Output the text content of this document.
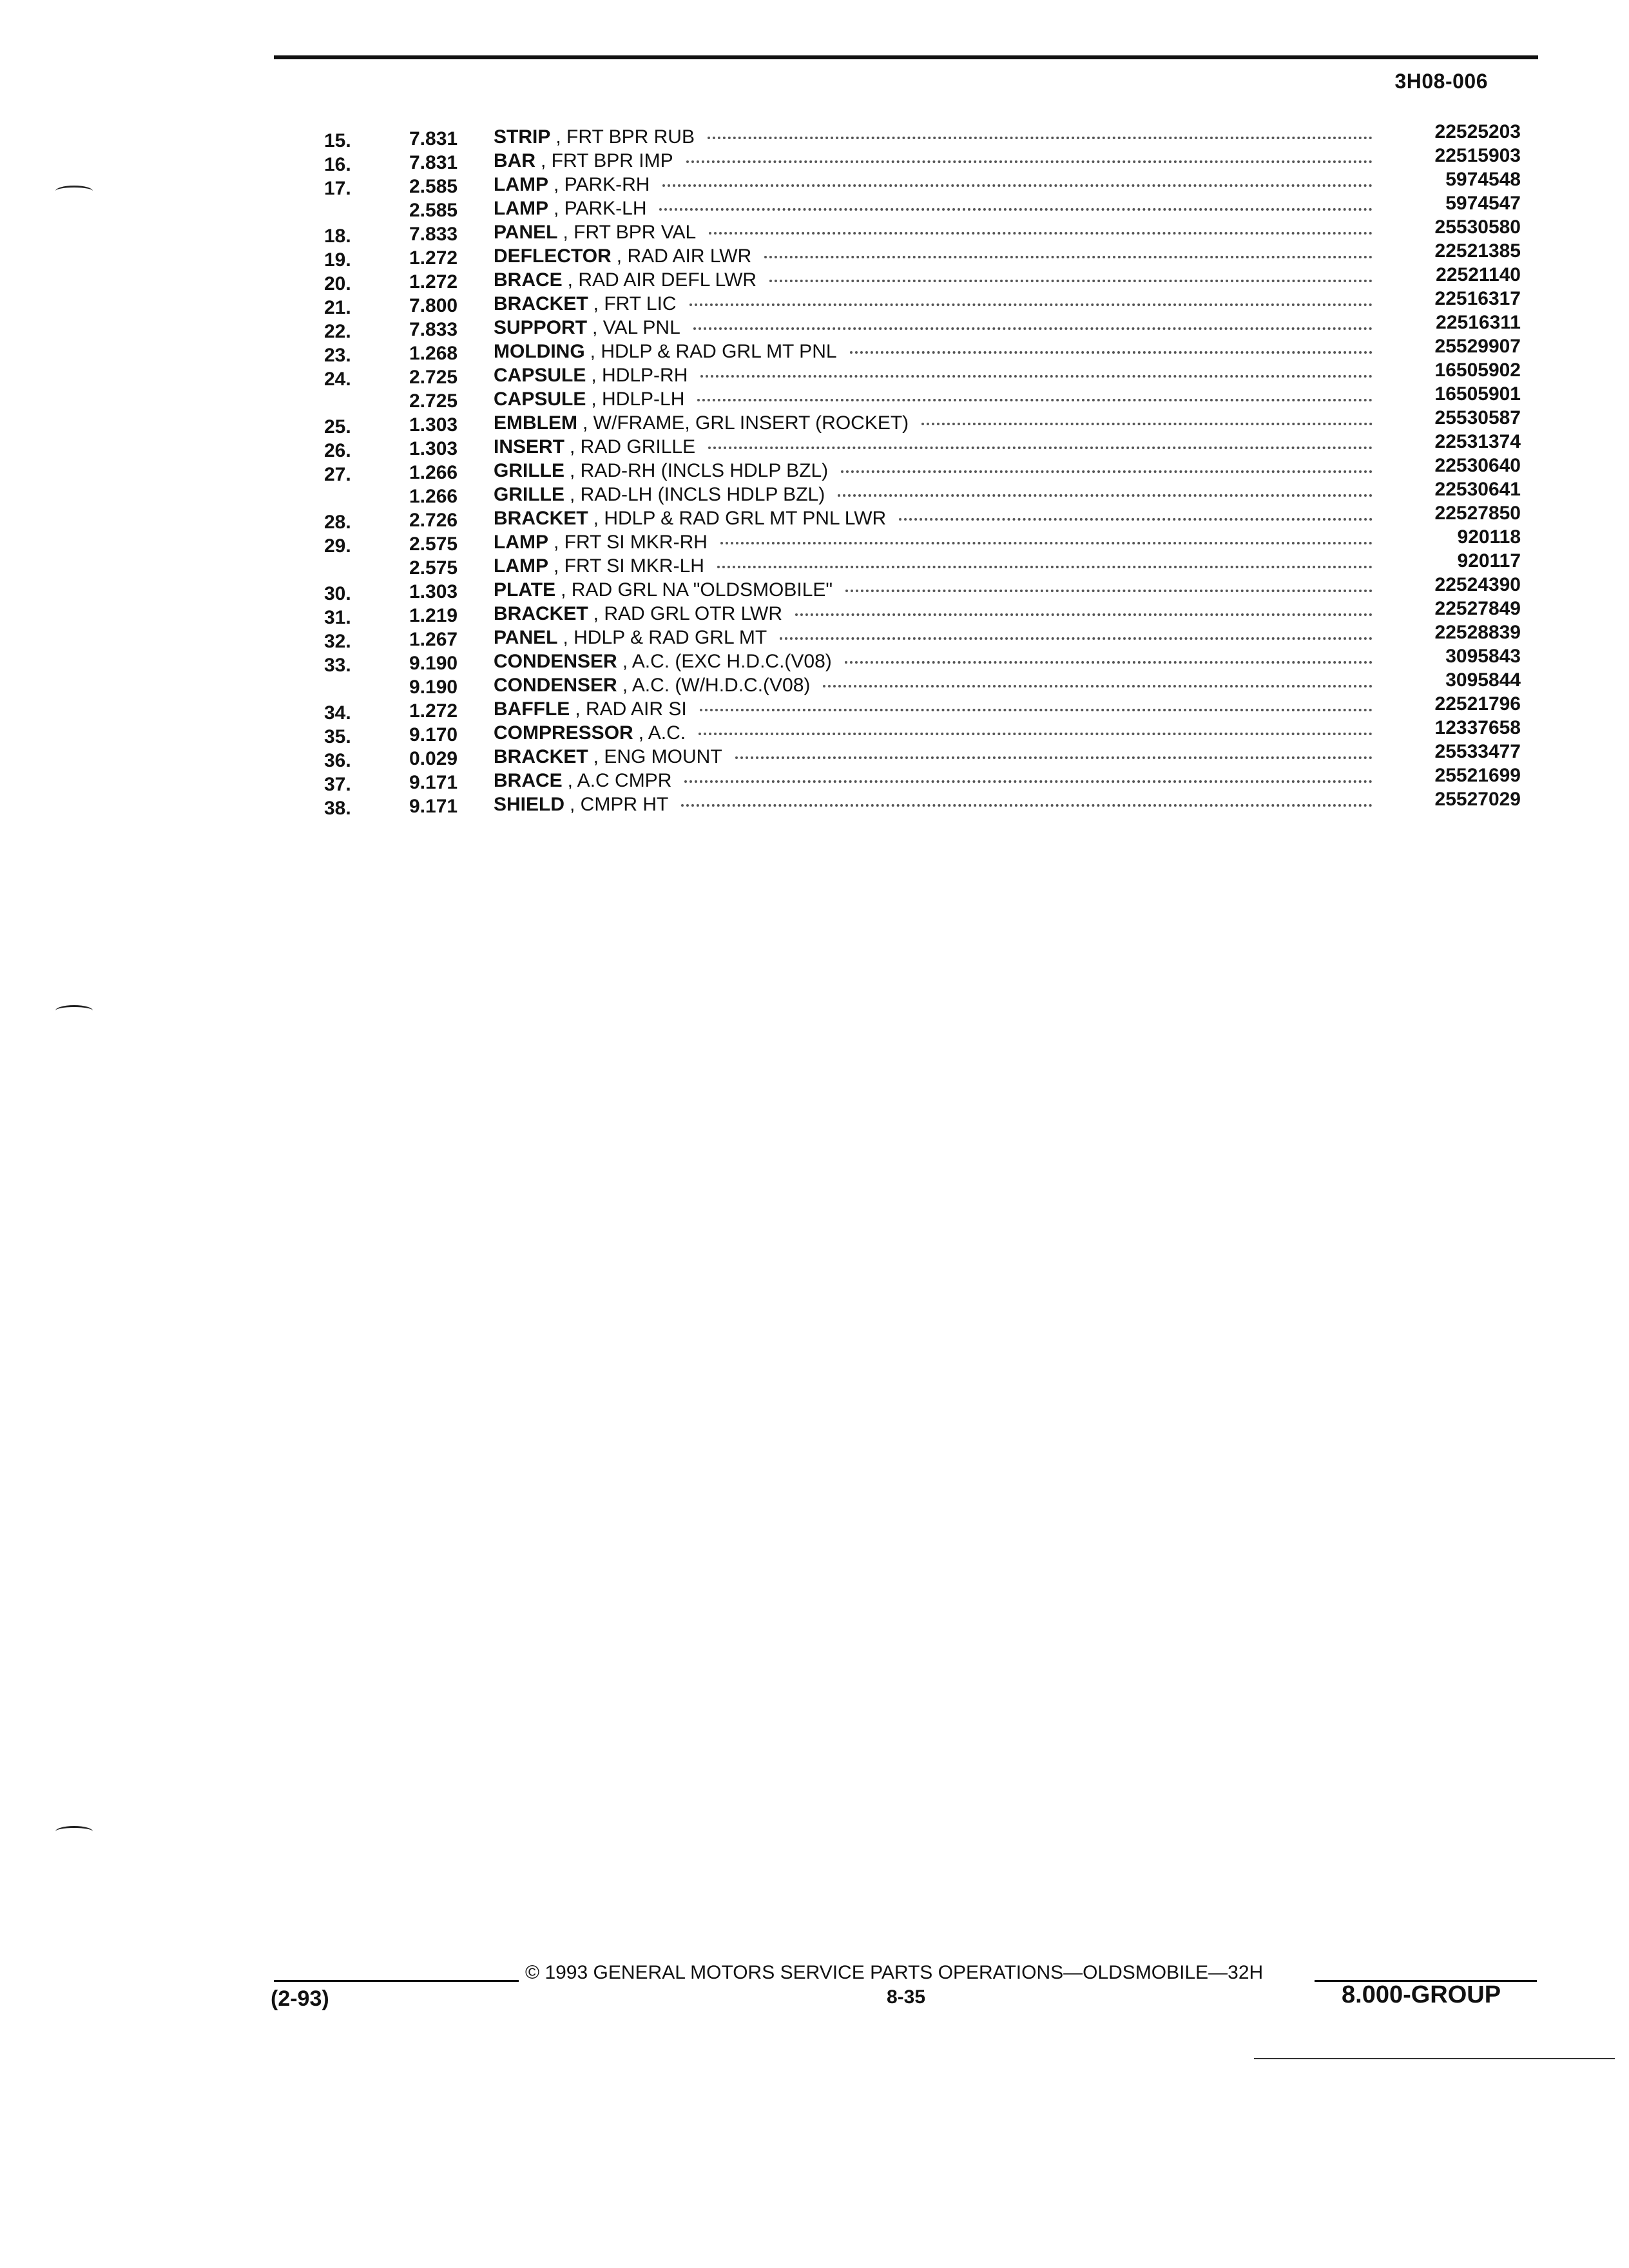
3H08-006
15.	7.831 STRIP , FRT BPR RUB	22525203
16.	7.831 BAR , FRT BPR IMP	22515903
17.	2.585 LAMP , PARK-RH	5974548
2.585 LAMP , PARK-LH	5974547
18.	7.833 PANEL , FRT BPR VAL	25530580
19.	1.272 DEFLECTOR , RAD AIR LWR	22521385
20.	1.272 BRACE , RAD AIR DEFL LWR	22521140
21.	7.800 BRACKET , FRT LIC	22516317
22.	7.833 SUPPORT , VAL PNL	22516311
23.	1.268 MOLDING , HDLP & RAD GRL MT PNL	25529907
24.	2.725 CAPSULE , HDLP-RH	16505902
2.725 CAPSULE , HDLP-LH	16505901
25.	1.303 EMBLEM , W/FRAME, GRL INSERT (ROCKET)	25530587
26.	1.303 INSERT , RAD GRILLE	22531374
27.	1.266 GRILLE , RAD-RH (INCLS HDLP BZL)	22530640
1.266 GRILLE , RAD-LH (INCLS HDLP BZL)	22530641
28.	2.726 BRACKET , HDLP & RAD GRL MT PNL LWR	22527850
29.	2.575 LAMP , FRT SI MKR-RH	920118
2.575 LAMP , FRT SI MKR-LH	920117
30.	1.303 PLATE , RAD GRL NA "OLDSMOBILE"	22524390
31.	1.219 BRACKET , RAD GRL OTR LWR	22527849
32.	1.267 PANEL , HDLP & RAD GRL MT	22528839
33.	9.190 CONDENSER , A.C. (EXC H.D.C.(V08)	3095843
9.190 CONDENSER , A.C. (W/H.D.C.(V08)	3095844
34.	1.272 BAFFLE , RAD AIR SI	22521796
35.	9.170 COMPRESSOR , A.C.	12337658
36.	0.029 BRACKET , ENG MOUNT	25533477
37.	9.171 BRACE , A.C CMPR	25521699
38.	9.171 SHIELD , CMPR HT	25527029
© 1993 GENERAL MOTORS SERVICE PARTS OPERATIONS—OLDSMOBILE—32H
(2-93)	8-35	8.000-GROUP
